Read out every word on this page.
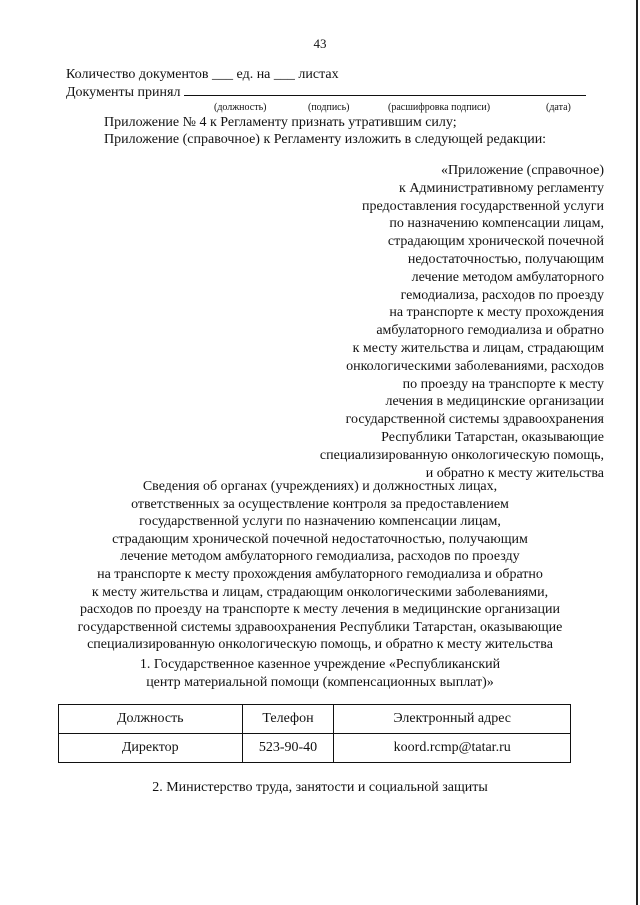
43
Количество документов ___ ед. на ___ листах
Документы принял
(должность)	(подпись)	(расшифровка подписи)	(дата)
Приложение № 4 к Регламенту признать утратившим силу;
Приложение (справочное) к Регламенту изложить в следующей редакции:
«Приложение (справочное)
к Административному регламенту
предоставления государственной услуги
по назначению компенсации лицам,
страдающим хронической почечной
недостаточностью, получающим
лечение методом амбулаторного
гемодиализа, расходов по проезду
на транспорте к месту прохождения
амбулаторного гемодиализа и обратно
к месту жительства и лицам, страдающим
онкологическими заболеваниями, расходов
по проезду на транспорте к месту
лечения в медицинские организации
государственной системы здравоохранения
Республики Татарстан, оказывающие
специализированную онкологическую помощь,
и обратно к месту жительства
Сведения об органах (учреждениях) и должностных лицах,
ответственных за осуществление контроля за предоставлением
государственной услуги по назначению компенсации лицам,
страдающим хронической почечной недостаточностью, получающим
лечение методом амбулаторного гемодиализа, расходов по проезду
на транспорте к месту прохождения амбулаторного гемодиализа и обратно
к месту жительства и лицам, страдающим онкологическими заболеваниями,
расходов по проезду на транспорте к месту лечения в медицинские организации
государственной системы здравоохранения Республики Татарстан, оказывающие
специализированную онкологическую помощь, и обратно к месту жительства
1. Государственное казенное учреждение «Республиканский
центр материальной помощи (компенсационных выплат)»
Должность	Телефон	Электронный адрес
Директор	523-90-40	koord.rcmp@tatar.ru
2. Министерство труда, занятости и социальной защиты
